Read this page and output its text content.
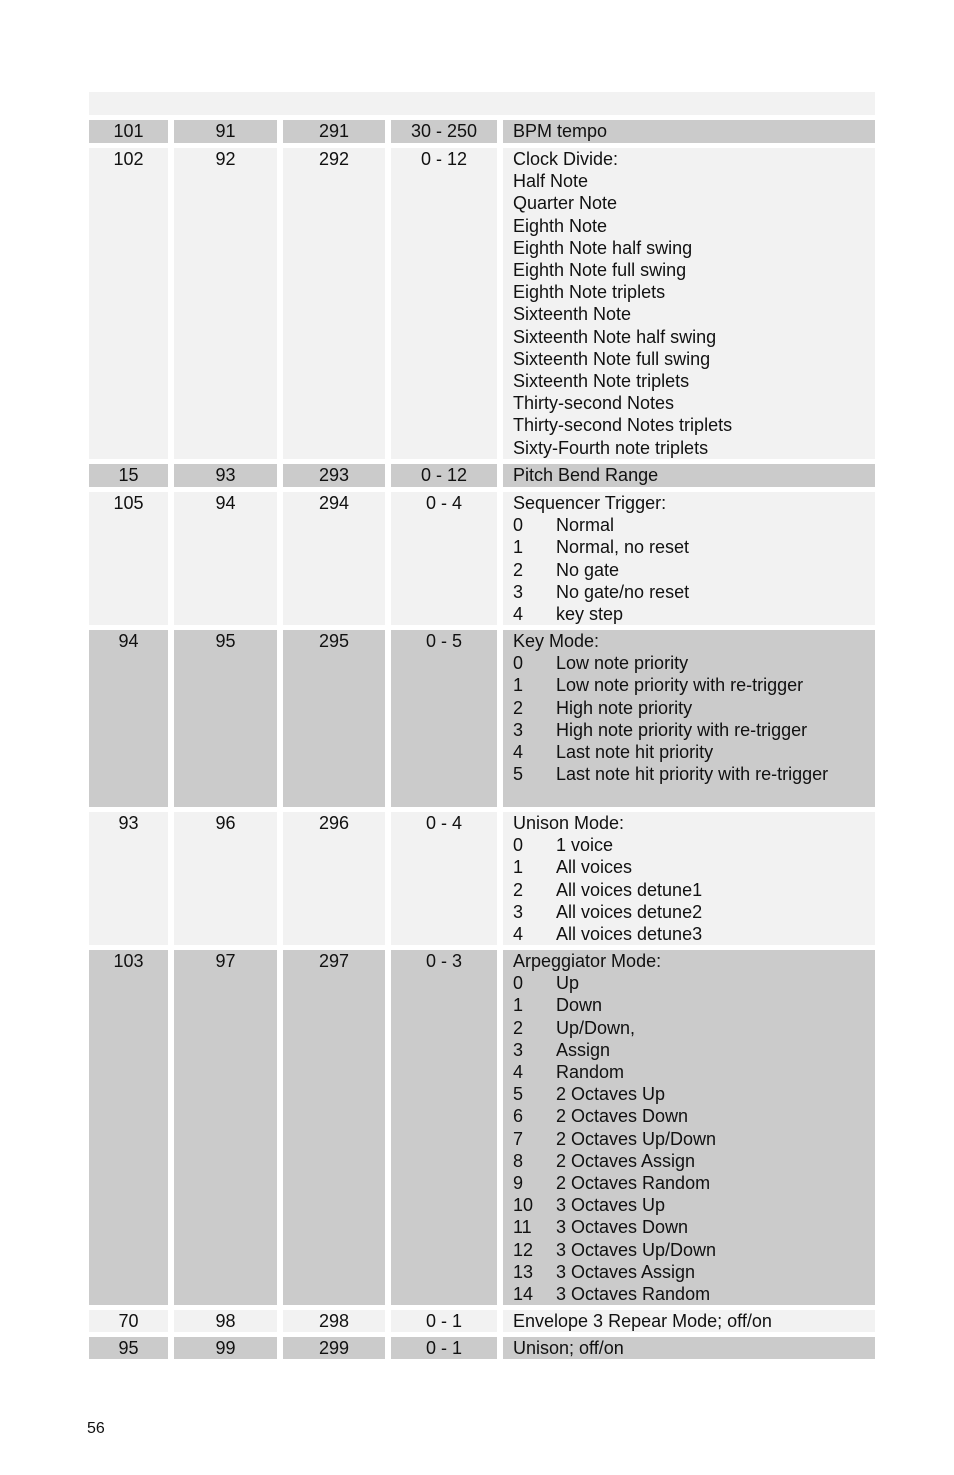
101	91	291	30 - 250	BPM tempo
102	92	292	0 - 12	Clock Divide:
Half Note
Quarter Note
Eighth Note
Eighth Note half swing
Eighth Note full swing
Eighth Note triplets
Sixteenth Note
Sixteenth Note half swing
Sixteenth Note full swing
Sixteenth Note triplets
Thirty-second Notes
Thirty-second Notes triplets
Sixty-Fourth note triplets
15	93	293	0 - 12	Pitch Bend Range
105	94	294	0 - 4	Sequencer Trigger:
0	Normal
1	Normal, no reset
2	No gate
3	No gate/no reset
4	key step
94	95	295	0 - 5	Key Mode:
0	Low note priority
1	Low note priority with re-trigger
2	High note priority
3	High note priority with re-trigger
4	Last note hit priority
5	Last note hit priority with re-trigger
93	96	296	0 - 4	Unison Mode:
0	1 voice
1	All voices
2	All voices detune1
3	All voices detune2
4	All voices detune3
103	97	297	0 - 3	Arpeggiator Mode:
0	Up
1	Down
2	Up/Down,
3	Assign
4	Random
5	2 Octaves Up
6	2 Octaves Down
7	2 Octaves Up/Down
8	2 Octaves Assign
9	2 Octaves Random
10	3 Octaves Up
11	3 Octaves Down
12	3 Octaves Up/Down
13	3 Octaves Assign
14	3 Octaves Random
70	98	298	0 - 1	Envelope 3 Repear Mode; off/on
95	99	299	0 - 1	Unison; off/on
56
